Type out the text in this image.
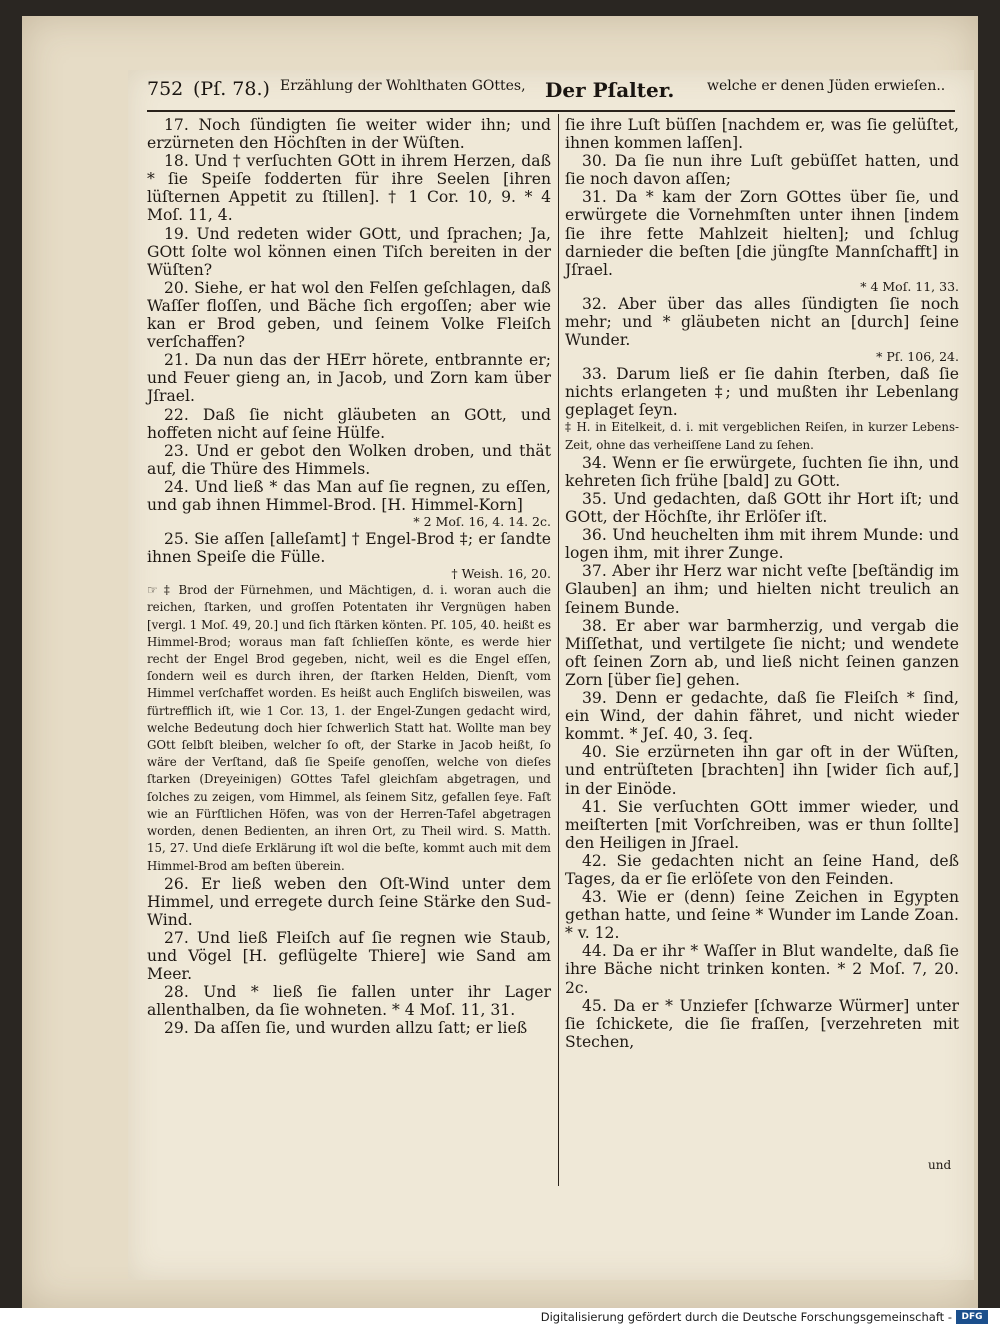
752 (Pſ. 78.) Erzählung der Wohlthaten GOttes, Der Pſalter. welche er denen Jüden erwieſen..

17. Noch ſündigten ſie weiter wider ihn; und erzürneten den Höchſten in der Wüſten.

18. Und † verſuchten GOtt in ihrem Herzen, daß * ſie Speiſe fodderten für ihre Seelen [ihren lüſternen Appetit zu ſtillen]. † 1 Cor. 10, 9. * 4 Moſ. 11, 4.

19. Und redeten wider GOtt, und ſprachen; Ja, GOtt ſolte wol können einen Tiſch bereiten in der Wüſten?

20. Siehe, er hat wol den Felſen geſchlagen, daß Waſſer floſſen, und Bäche ſich ergoſſen; aber wie kan er Brod geben, und ſeinem Volke Fleiſch verſchaffen?

21. Da nun das der HErr hörete, entbrannte er; und Feuer gieng an, in Jacob, und Zorn kam über Jſrael.

22. Daß ſie nicht gläubeten an GOtt, und hoffeten nicht auf ſeine Hülfe.

23. Und er gebot den Wolken droben, und thät auf, die Thüre des Himmels.

24. Und ließ * das Man auf ſie regnen, zu eſſen, und gab ihnen Himmel-Brod. [H. Himmel-Korn]

* 2 Moſ. 16, 4. 14. 2c.

25. Sie aſſen [alleſamt] † Engel-Brod ‡; er ſandte ihnen Speiſe die Fülle.

† Weish. 16, 20.

☞ ‡ Brod der Fürnehmen, und Mächtigen, d. i. woran auch die reichen, ſtarken, und groſſen Potentaten ihr Vergnügen haben [vergl. 1 Moſ. 49, 20.] und ſich ſtärken könten. Pſ. 105, 40. heißt es Himmel-Brod; woraus man faſt ſchlieſſen könte, es werde hier recht der Engel Brod gegeben, nicht, weil es die Engel eſſen, ſondern weil es durch ihren, der ſtarken Helden, Dienſt, vom Himmel verſchaffet worden. Es heißt auch Engliſch bisweilen, was fürtrefflich iſt, wie 1 Cor. 13, 1. der Engel-Zungen gedacht wird, welche Bedeutung doch hier ſchwerlich Statt hat. Wollte man bey GOtt ſelbſt bleiben, welcher ſo oft, der Starke in Jacob heißt, ſo wäre der Verſtand, daß ſie Speiſe genoſſen, welche von dieſes ſtarken (Dreyeinigen) GOttes Tafel gleichſam abgetragen, und ſolches zu zeigen, vom Himmel, als ſeinem Sitz, gefallen ſeye. Faſt wie an Fürſtlichen Höfen, was von der Herren-Tafel abgetragen worden, denen Bedienten, an ihren Ort, zu Theil wird. S. Matth. 15, 27. Und dieſe Erklärung iſt wol die beſte, kommt auch mit dem Himmel-Brod am beſten überein.

26. Er ließ weben den Oſt-Wind unter dem Himmel, und erregete durch ſeine Stärke den Sud-Wind.

27. Und ließ Fleiſch auf ſie regnen wie Staub, und Vögel [H. geflügelte Thiere] wie Sand am Meer.

28. Und * ließ ſie fallen unter ihr Lager allenthalben, da ſie wohneten. * 4 Moſ. 11, 31.

29. Da aſſen ſie, und wurden allzu ſatt; er ließ

ſie ihre Luſt büſſen [nachdem er, was ſie gelüſtet, ihnen kommen laſſen].

30. Da ſie nun ihre Luſt gebüſſet hatten, und ſie noch davon aſſen;

31. Da * kam der Zorn GOttes über ſie, und erwürgete die Vornehmſten unter ihnen [indem ſie ihre fette Mahlzeit hielten]; und ſchlug darnieder die beſten [die jüngſte Mannſchafft] in Jſrael.

* 4 Moſ. 11, 33.

32. Aber über das alles ſündigten ſie noch mehr; und * gläubeten nicht an [durch] ſeine Wunder.

* Pſ. 106, 24.

33. Darum ließ er ſie dahin ſterben, daß ſie nichts erlangeten ‡; und mußten ihr Lebenlang geplaget ſeyn.

‡ H. in Eitelkeit, d. i. mit vergeblichen Reiſen, in kurzer Lebens-Zeit, ohne das verheiſſene Land zu ſehen.

34. Wenn er ſie erwürgete, ſuchten ſie ihn, und kehreten ſich frühe [bald] zu GOtt.

35. Und gedachten, daß GOtt ihr Hort iſt; und GOtt, der Höchſte, ihr Erlöſer iſt.

36. Und heuchelten ihm mit ihrem Munde: und logen ihm, mit ihrer Zunge.

37. Aber ihr Herz war nicht veſte [beſtändig im Glauben] an ihm; und hielten nicht treulich an ſeinem Bunde.

38. Er aber war barmherzig, und vergab die Miſſethat, und vertilgete ſie nicht; und wendete oft ſeinen Zorn ab, und ließ nicht ſeinen ganzen Zorn [über ſie] gehen.

39. Denn er gedachte, daß ſie Fleiſch * ſind, ein Wind, der dahin fähret, und nicht wieder kommt. * Jeſ. 40, 3. ſeq.

40. Sie erzürneten ihn gar oft in der Wüſten, und entrüſteten [brachten] ihn [wider ſich auf,] in der Einöde.

41. Sie verſuchten GOtt immer wieder, und meiſterten [mit Vorſchreiben, was er thun ſollte] den Heiligen in Jſrael.

42. Sie gedachten nicht an ſeine Hand, deß Tages, da er ſie erlöſete von den Feinden.

43. Wie er (denn) ſeine Zeichen in Egypten gethan hatte, und ſeine * Wunder im Lande Zoan. * v. 12.

44. Da er ihr * Waſſer in Blut wandelte, daß ſie ihre Bäche nicht trinken konten. * 2 Moſ. 7, 20. 2c.

45. Da er * Unziefer [ſchwarze Würmer] unter ſie ſchickete, die ſie fraſſen, [verzehreten mit Stechen,

und
Digitalisierung gefördert durch die Deutsche Forschungsgemeinschaft -	DFG
